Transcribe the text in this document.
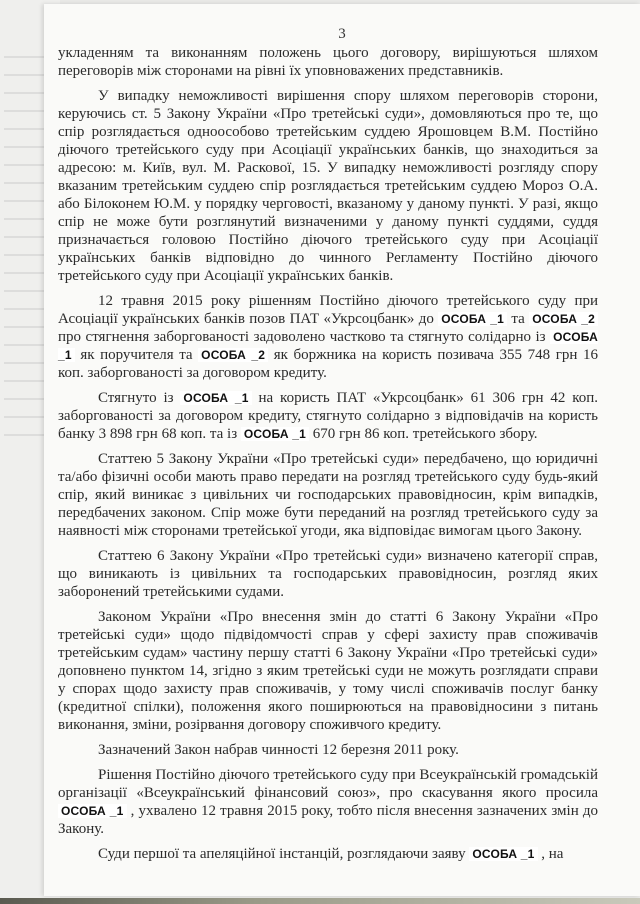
3

укладенням та виконанням положень цього договору, вирішуються шляхом переговорів між сторонами на рівні їх уповноважених представників.

У випадку неможливості вирішення спору шляхом переговорів сторони, керуючись ст. 5 Закону України «Про третейські суди», домовляються про те, що спір розглядається одноособово третейським суддею Ярошовцем В.М. Постійно діючого третейського суду при Асоціації українських банків, що знаходиться за адресою: м. Київ, вул. М. Раскової, 15. У випадку неможливості розгляду спору вказаним третейським суддею спір розглядається третейським суддею Мороз О.А. або Білоконем Ю.М. у порядку черговості, вказаному у даному пункті. У разі, якщо спір не може бути розглянутий визначеними у даному пункті суддями, суддя призначається головою Постійно діючого третейського суду при Асоціації українських банків відповідно до чинного Регламенту Постійно діючого третейського суду при Асоціації українських банків.

12 травня 2015 року рішенням Постійно діючого третейського суду при Асоціації українських банків позов ПАТ «Укрсоцбанк» до ОСОБА _1 та ОСОБА _2 про стягнення заборгованості задоволено частково та стягнуто солідарно із ОСОБА _1 як поручителя та ОСОБА _2 як боржника на користь позивача 355 748 грн 16 коп. заборгованості за договором кредиту.

Стягнуто із ОСОБА _1 на користь ПАТ «Укрсоцбанк» 61 306 грн 42 коп. заборгованості за договором кредиту, стягнуто солідарно з відповідачів на користь банку 3 898 грн 68 коп. та із ОСОБА _1 670 грн 86 коп. третейського збору.

Статтею 5 Закону України «Про третейські суди» передбачено, що юридичні та/або фізичні особи мають право передати на розгляд третейського суду будь-який спір, який виникає з цивільних чи господарських правовідносин, крім випадків, передбачених законом. Спір може бути переданий на розгляд третейського суду за наявності між сторонами третейської угоди, яка відповідає вимогам цього Закону.

Статтею 6 Закону України «Про третейські суди» визначено категорії справ, що виникають із цивільних та господарських правовідносин, розгляд яких заборонений третейськими судами.

Законом України «Про внесення змін до статті 6 Закону України «Про третейські суди» щодо підвідомчості справ у сфері захисту прав споживачів третейським судам» частину першу статті 6 Закону України «Про третейські суди» доповнено пунктом 14, згідно з яким третейські суди не можуть розглядати справи у спорах щодо захисту прав споживачів, у тому числі споживачів послуг банку (кредитної спілки), положення якого поширюються на правовідносини з питань виконання, зміни, розірвання договору споживчого кредиту.

Зазначений Закон набрав чинності 12 березня 2011 року.

Рішення Постійно діючого третейського суду при Всеукраїнській громадській організації «Всеукраїнський фінансовий союз», про скасування якого просила ОСОБА _1 , ухвалено 12 травня 2015 року, тобто після внесення зазначених змін до Закону.

Суди першої та апеляційної інстанцій, розглядаючи заяву ОСОБА _1 , на
